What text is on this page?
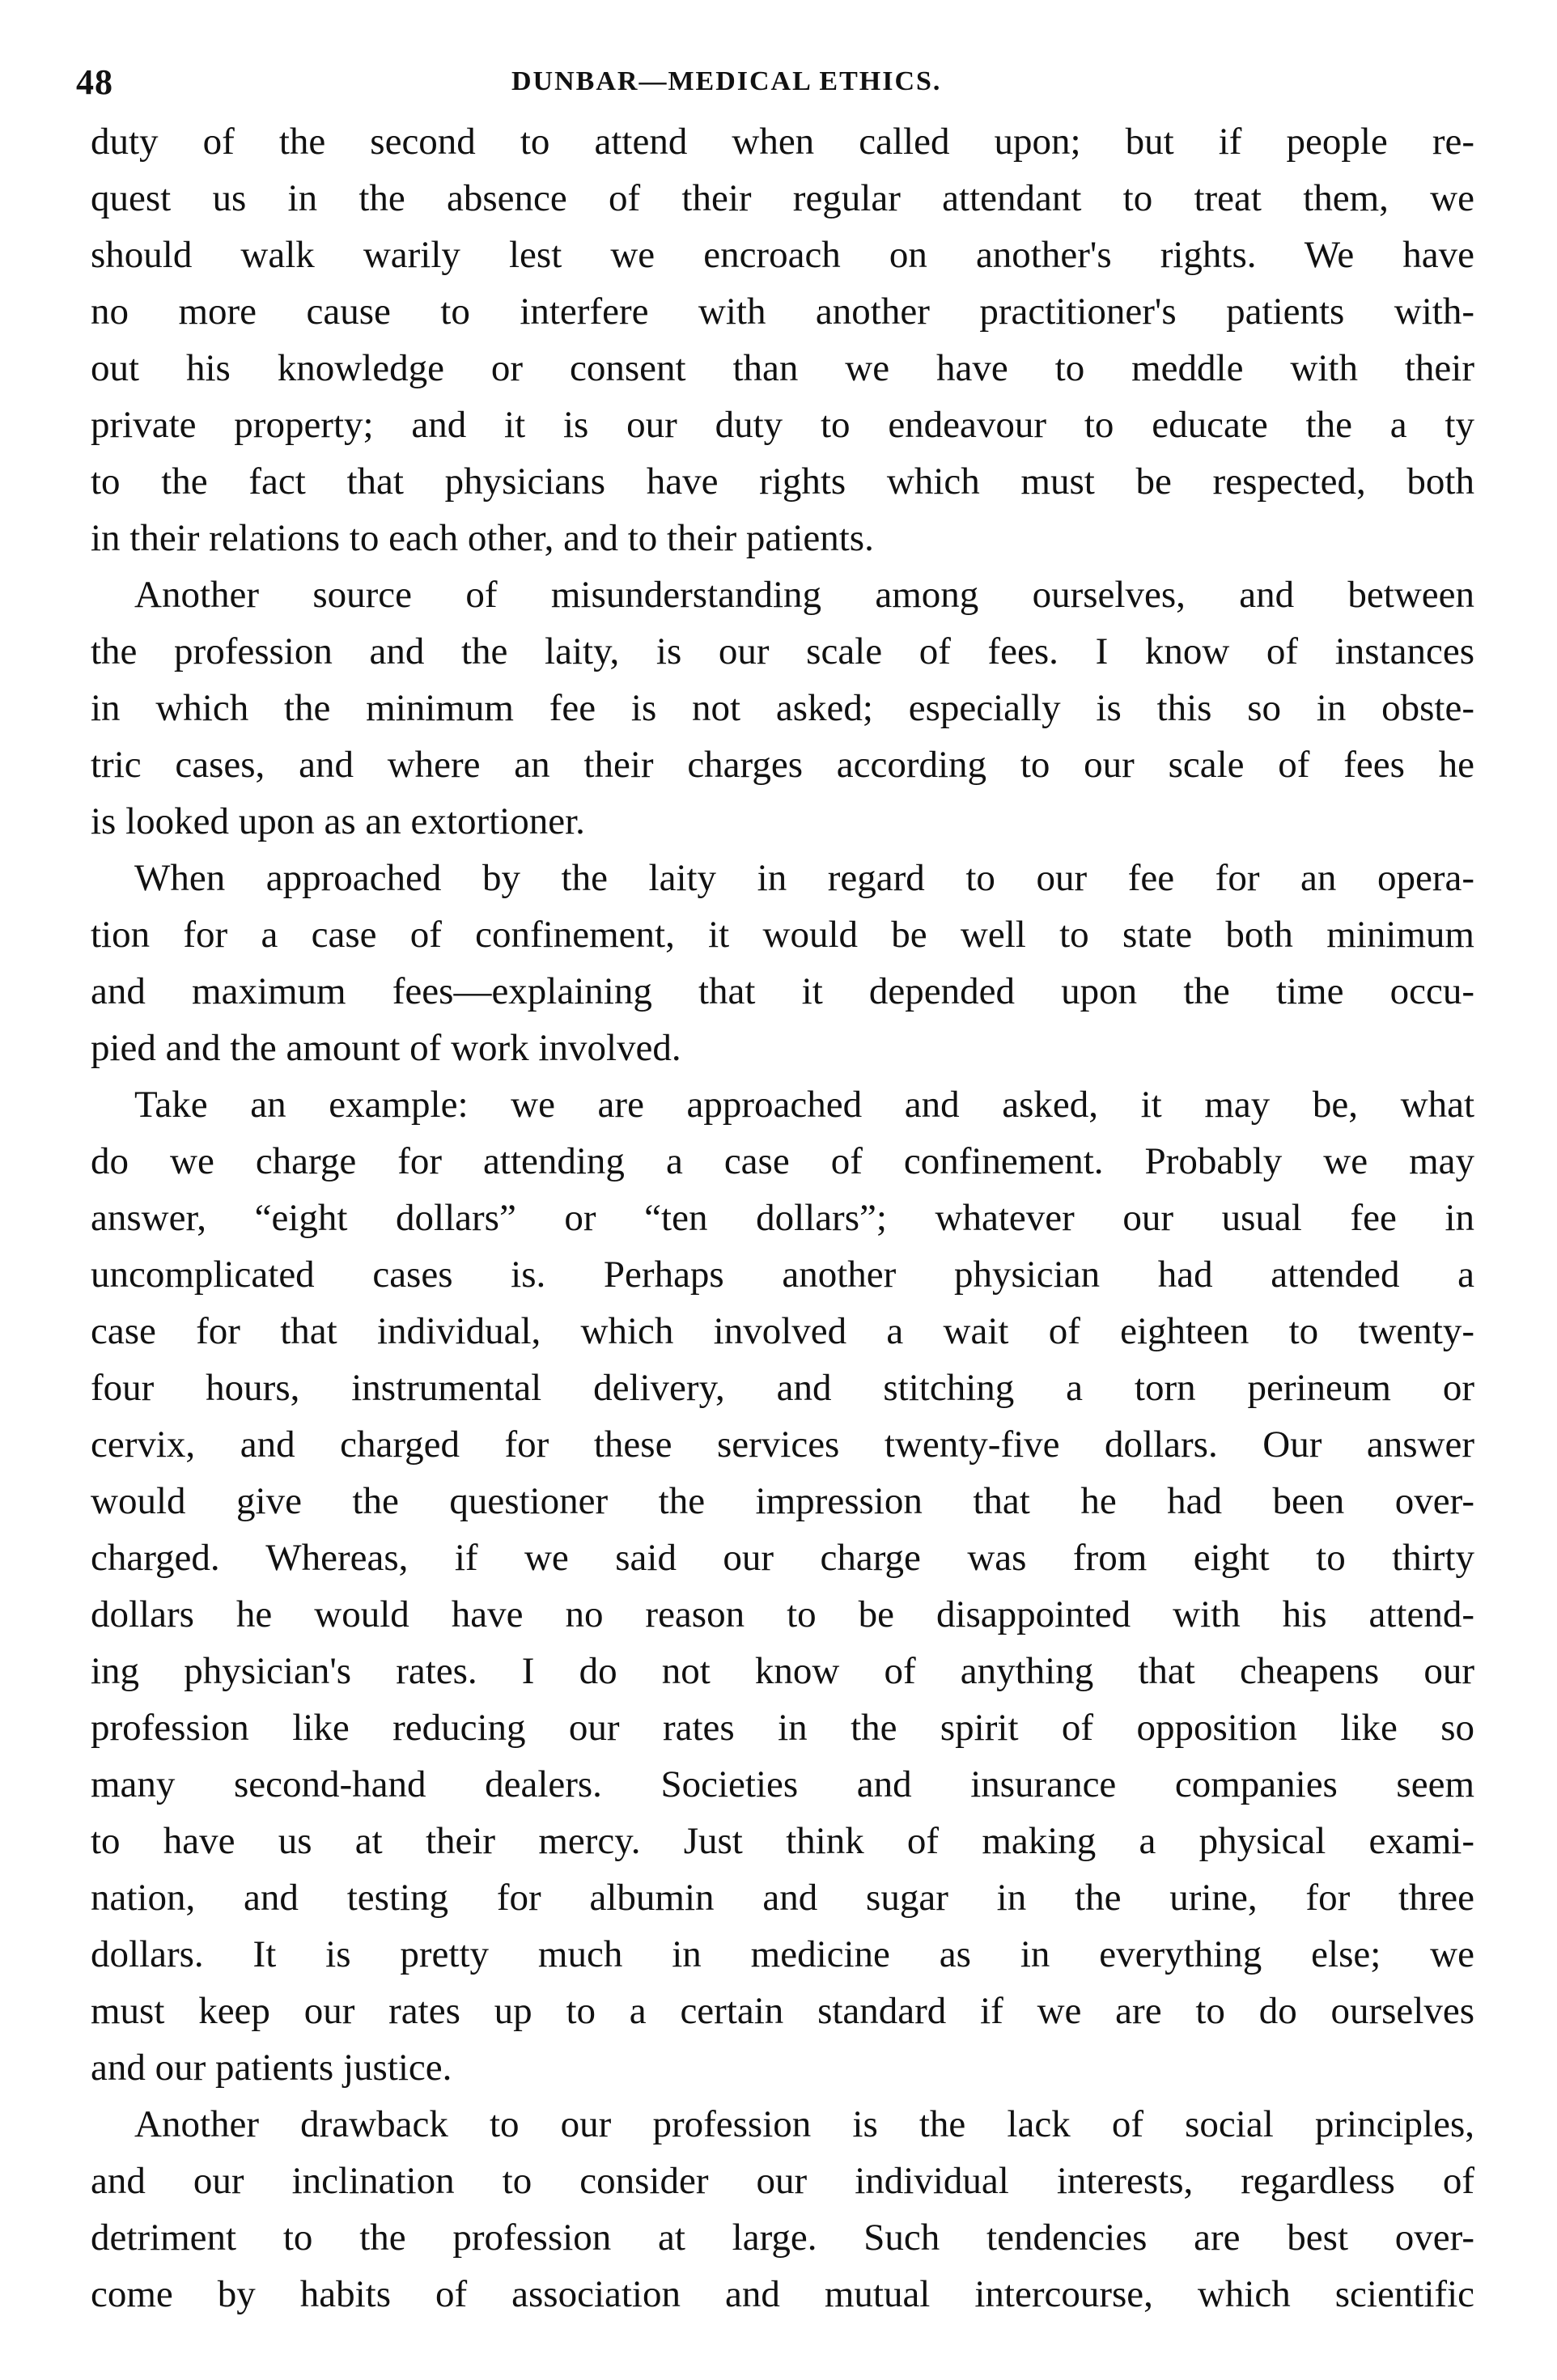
48	DUNBAR—MEDICAL ETHICS.
duty of the second to attend when called upon; but if people re-
quest us in the absence of their regular attendant to treat them, we
should walk warily lest we encroach on another's rights. We have
no more cause to interfere with another practitioner's patients with-
out his knowledge or consent than we have to meddle with their
private property; and it is our duty to endeavour to educate the a ty
to the fact that physicians have rights which must be respected, both
in their relations to each other, and to their patients.
Another source of misunderstanding among ourselves, and between
the profession and the laity, is our scale of fees. I know of instances
in which the minimum fee is not asked; especially is this so in obste-
tric cases, and where an their charges according to our scale of fees he
is looked upon as an extortioner.
When approached by the laity in regard to our fee for an opera-
tion for a case of confinement, it would be well to state both minimum
and maximum fees—explaining that it depended upon the time occu-
pied and the amount of work involved.
Take an example: we are approached and asked, it may be, what
do we charge for attending a case of confinement. Probably we may
answer, “eight dollars” or “ten dollars”; whatever our usual fee in
uncomplicated cases is. Perhaps another physician had attended a
case for that individual, which involved a wait of eighteen to twenty-
four hours, instrumental delivery, and stitching a torn perineum or
cervix, and charged for these services twenty-five dollars. Our answer
would give the questioner the impression that he had been over-
charged. Whereas, if we said our charge was from eight to thirty
dollars he would have no reason to be disappointed with his attend-
ing physician's rates. I do not know of anything that cheapens our
profession like reducing our rates in the spirit of opposition like so
many second-hand dealers. Societies and insurance companies seem
to have us at their mercy. Just think of making a physical exami-
nation, and testing for albumin and sugar in the urine, for three
dollars. It is pretty much in medicine as in everything else; we
must keep our rates up to a certain standard if we are to do ourselves
and our patients justice.
Another drawback to our profession is the lack of social principles,
and our inclination to consider our individual interests, regardless of
detriment to the profession at large. Such tendencies are best over-
come by habits of association and mutual intercourse, which scientific
